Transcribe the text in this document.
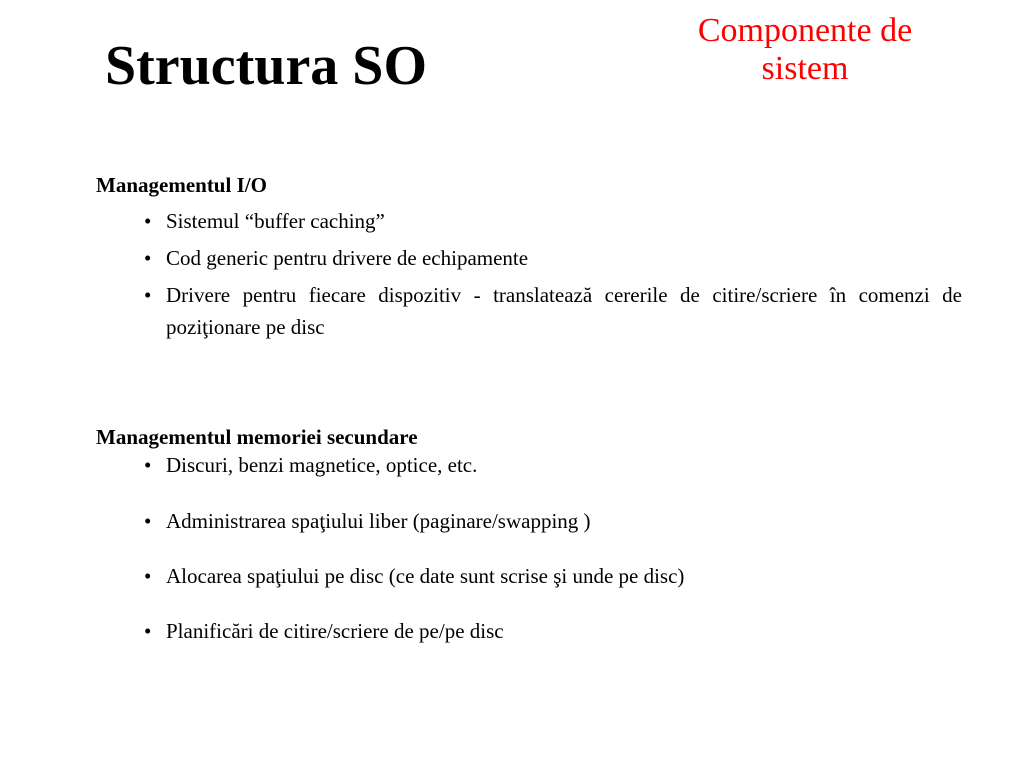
Structura SO
Componente de
sistem
Managementul I/O
• Sistemul “buffer caching”
• Cod generic pentru drivere de echipamente
• Drivere pentru fiecare dispozitiv - translatează cererile de citire/scriere în comenzi de poziţionare pe disc
Managementul memoriei secundare
• Discuri, benzi magnetice, optice, etc.
• Administrarea spaţiului liber (paginare/swapping )
• Alocarea spaţiului pe disc (ce date sunt scrise şi unde pe disc)
• Planificări de citire/scriere de pe/pe disc
